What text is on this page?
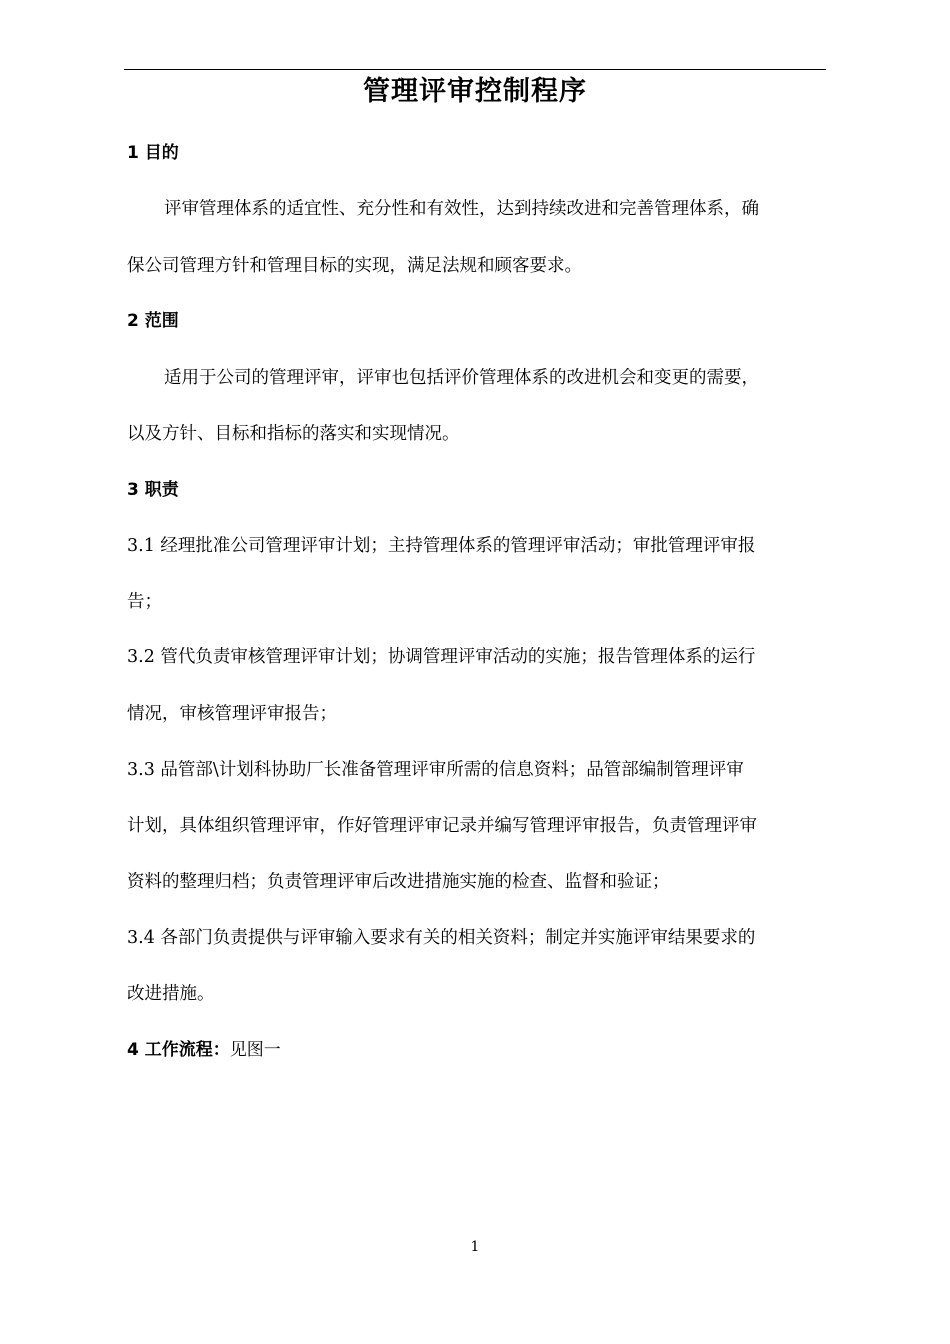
管理评审控制程序
1 目的
评审管理体系的适宜性、充分性和有效性，达到持续改进和完善管理体系，确
保公司管理方针和管理目标的实现，满足法规和顾客要求。
2 范围
适用于公司的管理评审，评审也包括评价管理体系的改进机会和变更的需要，
以及方针、目标和指标的落实和实现情况。
3 职责
3.1 经理批准公司管理评审计划；主持管理体系的管理评审活动；审批管理评审报
告；
3.2 管代负责审核管理评审计划；协调管理评审活动的实施；报告管理体系的运行
情况，审核管理评审报告；
3.3 品管部\计划科协助厂长准备管理评审所需的信息资料；品管部编制管理评审
计划，具体组织管理评审，作好管理评审记录并编写管理评审报告，负责管理评审
资料的整理归档；负责管理评审后改进措施实施的检查、监督和验证；
3.4 各部门负责提供与评审输入要求有关的相关资料；制定并实施评审结果要求的
改进措施。
4 工作流程：见图一
1
